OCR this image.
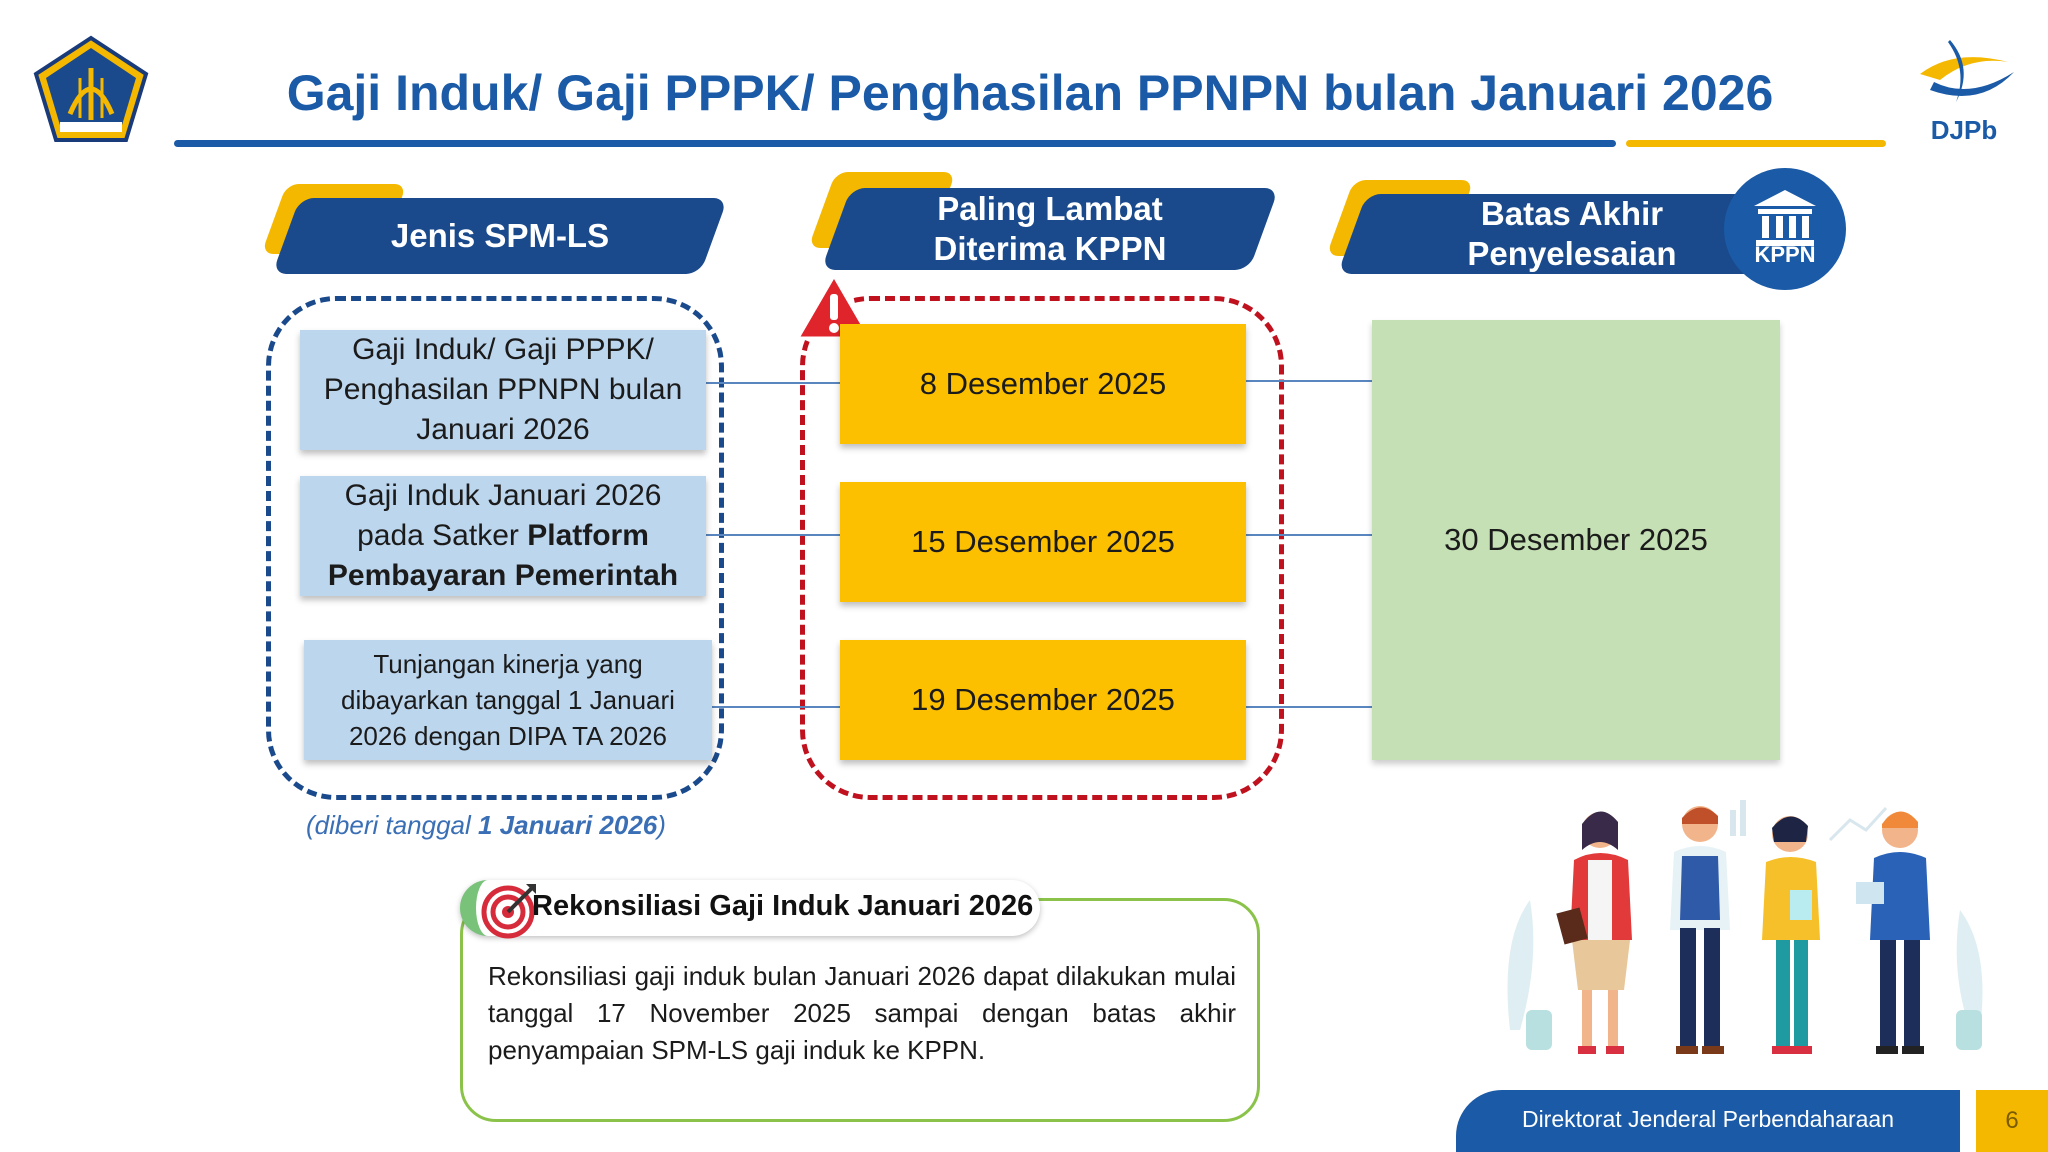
Gaji Induk/ Gaji PPPK/ Penghasilan PPNPN bulan Januari 2026
DJPb
Jenis SPM-LS
Paling Lambat
Diterima KPPN
Batas Akhir
Penyelesaian	KPPN
Gaji Induk/ Gaji PPPK/
Penghasilan PPNPN bulan
Januari 2026
Gaji Induk Januari 2026
pada Satker Platform
Pembayaran Pemerintah
Tunjangan kinerja yang
dibayarkan tanggal 1 Januari
2026 dengan DIPA TA 2026
8 Desember 2025
15 Desember 2025
19 Desember 2025
30 Desember 2025
(diberi tanggal 1 Januari 2026)
Rekonsiliasi Gaji Induk Januari 2026
Rekonsiliasi gaji induk bulan Januari 2026 dapat dilakukan mulai tanggal 17 November 2025 sampai dengan batas akhir penyampaian SPM-LS gaji induk ke KPPN.
Direktorat Jenderal Perbendaharaan	6
